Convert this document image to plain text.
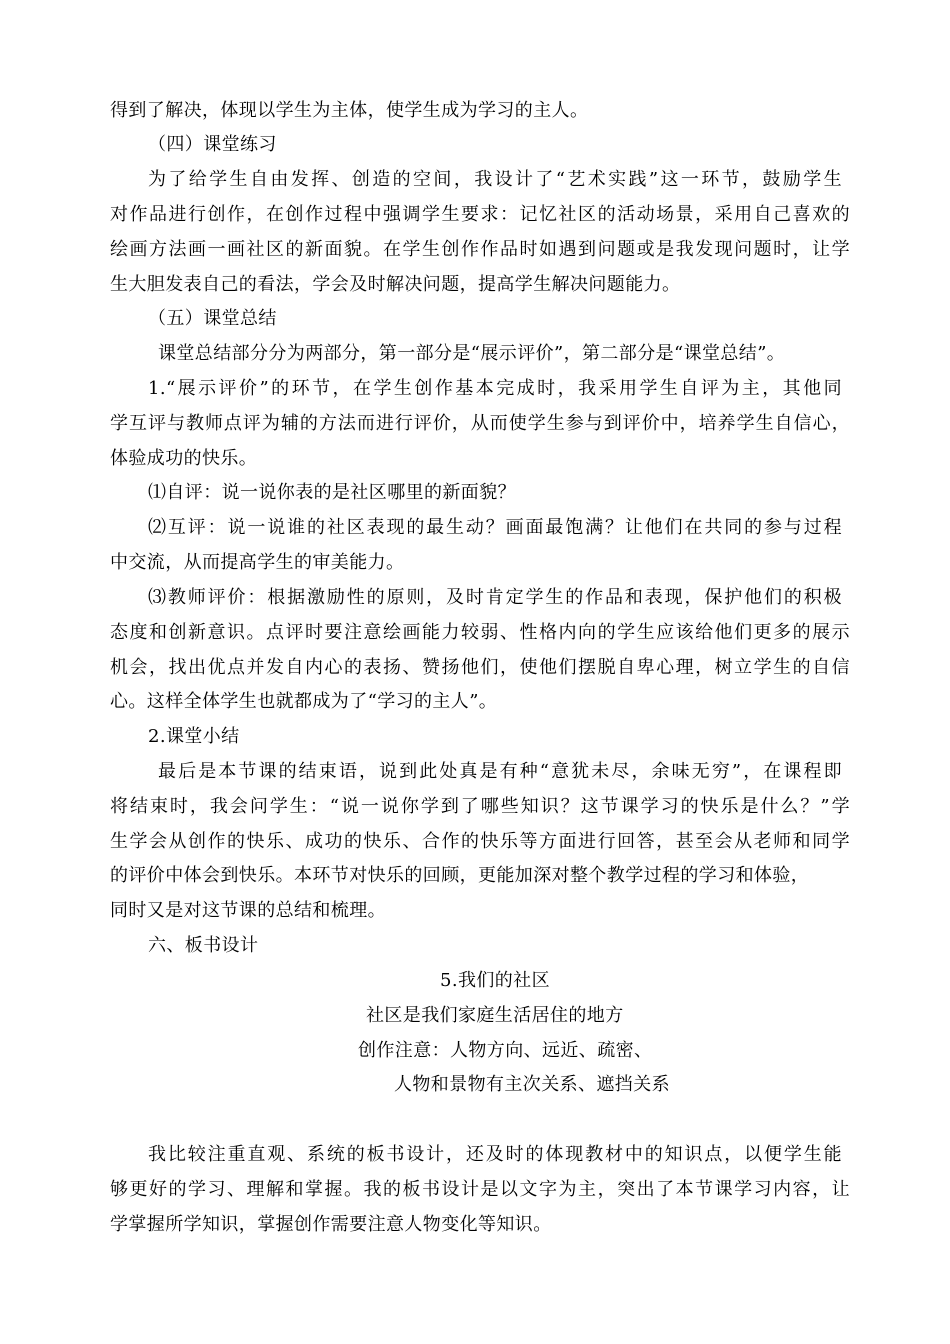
得到了解决，体现以学生为主体，使学生成为学习的主人。
（四）课堂练习
为了给学生自由发挥、创造的空间，我设计了“艺术实践”这一环节，鼓励学生
对作品进行创作，在创作过程中强调学生要求：记忆社区的活动场景，采用自己喜欢的
绘画方法画一画社区的新面貌。在学生创作作品时如遇到问题或是我发现问题时，让学
生大胆发表自己的看法，学会及时解决问题，提高学生解决问题能力。
（五）课堂总结
课堂总结部分分为两部分，第一部分是“展示评价”，第二部分是“课堂总结”。
1.“展示评价”的环节，在学生创作基本完成时，我采用学生自评为主，其他同
学互评与教师点评为辅的方法而进行评价，从而使学生参与到评价中，培养学生自信心，
体验成功的快乐。
⑴自评：说一说你表的是社区哪里的新面貌？
⑵互评：说一说谁的社区表现的最生动？画面最饱满？让他们在共同的参与过程
中交流，从而提高学生的审美能力。
⑶教师评价：根据激励性的原则，及时肯定学生的作品和表现，保护他们的积极
态度和创新意识。点评时要注意绘画能力较弱、性格内向的学生应该给他们更多的展示
机会，找出优点并发自内心的表扬、赞扬他们，使他们摆脱自卑心理，树立学生的自信
心。这样全体学生也就都成为了“学习的主人”。
2.课堂小结
最后是本节课的结束语，说到此处真是有种“意犹未尽，余味无穷”，在课程即
将结束时，我会问学生：“说一说你学到了哪些知识？这节课学习的快乐是什么？”学
生学会从创作的快乐、成功的快乐、合作的快乐等方面进行回答，甚至会从老师和同学
的评价中体会到快乐。本环节对快乐的回顾，更能加深对整个教学过程的学习和体验，
同时又是对这节课的总结和梳理。
六、板书设计
5.我们的社区
社区是我们家庭生活居住的地方
创作注意：人物方向、远近、疏密、
人物和景物有主次关系、遮挡关系
我比较注重直观、系统的板书设计，还及时的体现教材中的知识点，以便学生能
够更好的学习、理解和掌握。我的板书设计是以文字为主，突出了本节课学习内容，让
学掌握所学知识，掌握创作需要注意人物变化等知识。
